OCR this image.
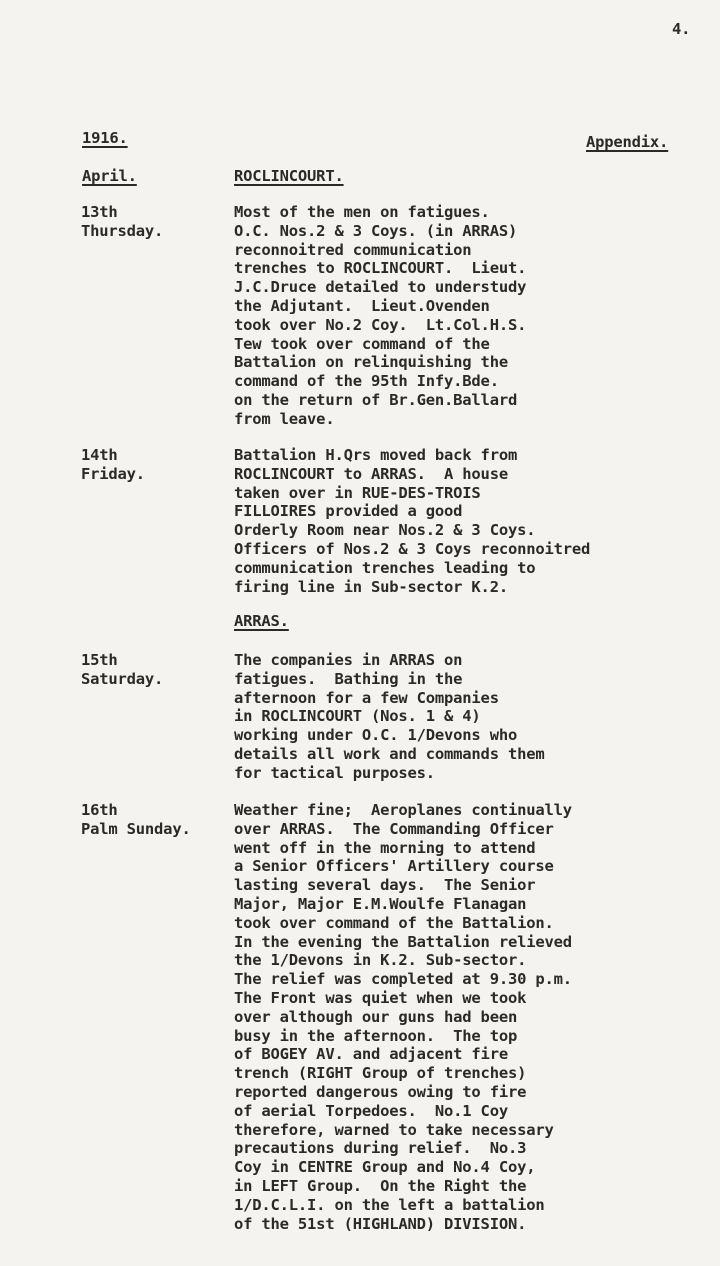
4.
1916.	Appendix.
April.	ROCLINCOURT.
13th
Thursday.
Most of the men on fatigues.
O.C. Nos.2 & 3 Coys. (in ARRAS)
reconnoitred communication
trenches to ROCLINCOURT.  Lieut.
J.C.Druce detailed to understudy
the Adjutant.  Lieut.Ovenden
took over No.2 Coy.  Lt.Col.H.S.
Tew took over command of the
Battalion on relinquishing the
command of the 95th Infy.Bde.
on the return of Br.Gen.Ballard
from leave.
14th
Friday.
Battalion H.Qrs moved back from
ROCLINCOURT to ARRAS.  A house
taken over in RUE-DES-TROIS
FILLOIRES provided a good
Orderly Room near Nos.2 & 3 Coys.
Officers of Nos.2 & 3 Coys reconnoitred
communication trenches leading to
firing line in Sub-sector K.2.
ARRAS.
15th
Saturday.
The companies in ARRAS on
fatigues.  Bathing in the
afternoon for a few Companies
in ROCLINCOURT (Nos. 1 & 4)
working under O.C. 1/Devons who
details all work and commands them
for tactical purposes.
16th
Palm Sunday.
Weather fine;  Aeroplanes continually
over ARRAS.  The Commanding Officer
went off in the morning to attend
a Senior Officers' Artillery course
lasting several days.  The Senior
Major, Major E.M.Woulfe Flanagan
took over command of the Battalion.
In the evening the Battalion relieved
the 1/Devons in K.2. Sub-sector.
The relief was completed at 9.30 p.m.
The Front was quiet when we took
over although our guns had been
busy in the afternoon.  The top
of BOGEY AV. and adjacent fire
trench (RIGHT Group of trenches)
reported dangerous owing to fire
of aerial Torpedoes.  No.1 Coy
therefore, warned to take necessary
precautions during relief.  No.3
Coy in CENTRE Group and No.4 Coy,
in LEFT Group.  On the Right the
1/D.C.L.I. on the left a battalion
of the 51st (HIGHLAND) DIVISION.
